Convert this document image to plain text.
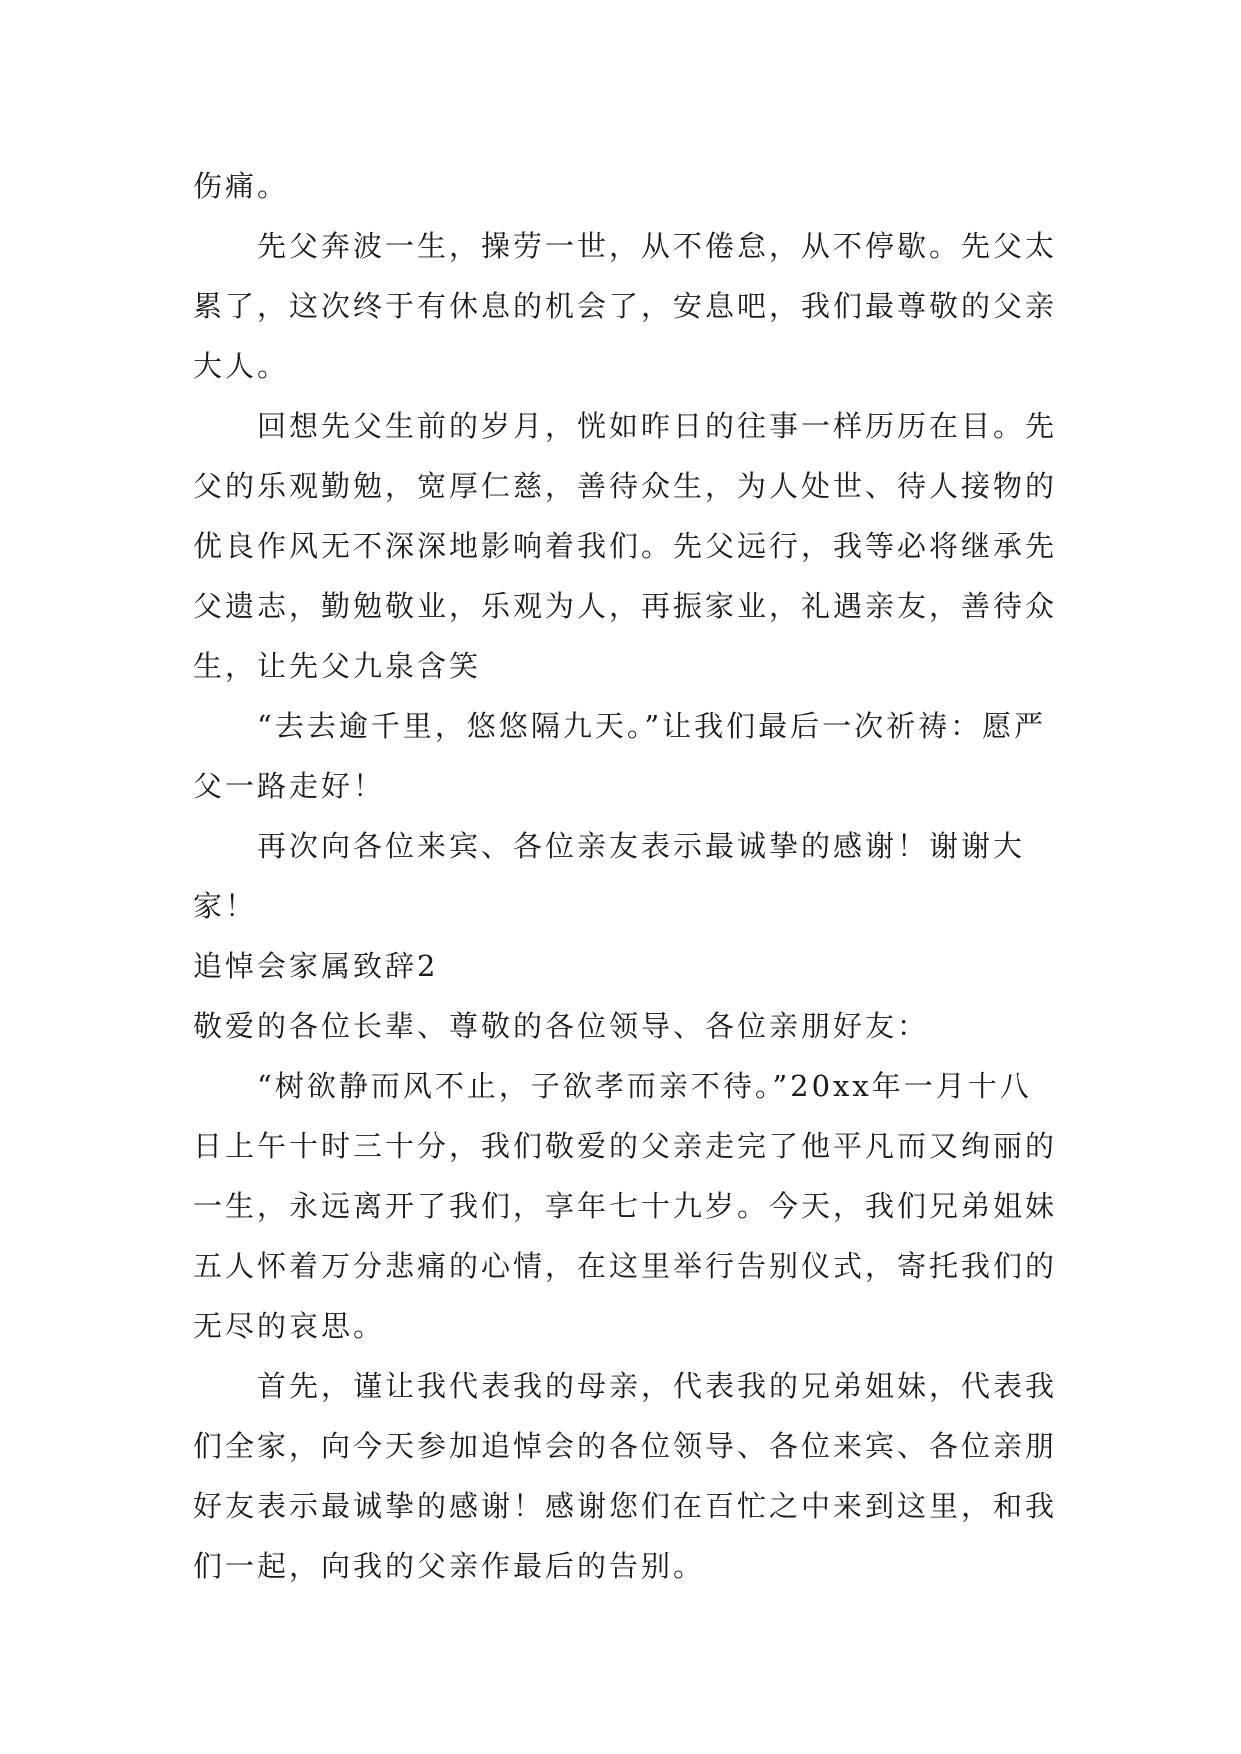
伤痛。

先父奔波一生，操劳一世，从不倦怠，从不停歇。先父太累了，这次终于有休息的机会了，安息吧，我们最尊敬的父亲大人。

回想先父生前的岁月，恍如昨日的往事一样历历在目。先父的乐观勤勉，宽厚仁慈，善待众生，为人处世、待人接物的优良作风无不深深地影响着我们。先父远行，我等必将继承先父遗志，勤勉敬业，乐观为人，再振家业，礼遇亲友，善待众生，让先父九泉含笑

“去去逾千里，悠悠隔九天。”让我们最后一次祈祷：愿严父一路走好！

再次向各位来宾、各位亲友表示最诚挚的感谢！谢谢大家！

追悼会家属致辞2

敬爱的各位长辈、尊敬的各位领导、各位亲朋好友：

“树欲静而风不止，子欲孝而亲不待。”20xx年一月十八日上午十时三十分，我们敬爱的父亲走完了他平凡而又绚丽的一生，永远离开了我们，享年七十九岁。今天，我们兄弟姐妹五人怀着万分悲痛的心情，在这里举行告别仪式，寄托我们的无尽的哀思。

首先，谨让我代表我的母亲，代表我的兄弟姐妹，代表我们全家，向今天参加追悼会的各位领导、各位来宾、各位亲朋好友表示最诚挚的感谢！感谢您们在百忙之中来到这里，和我们一起，向我的父亲作最后的告别。
